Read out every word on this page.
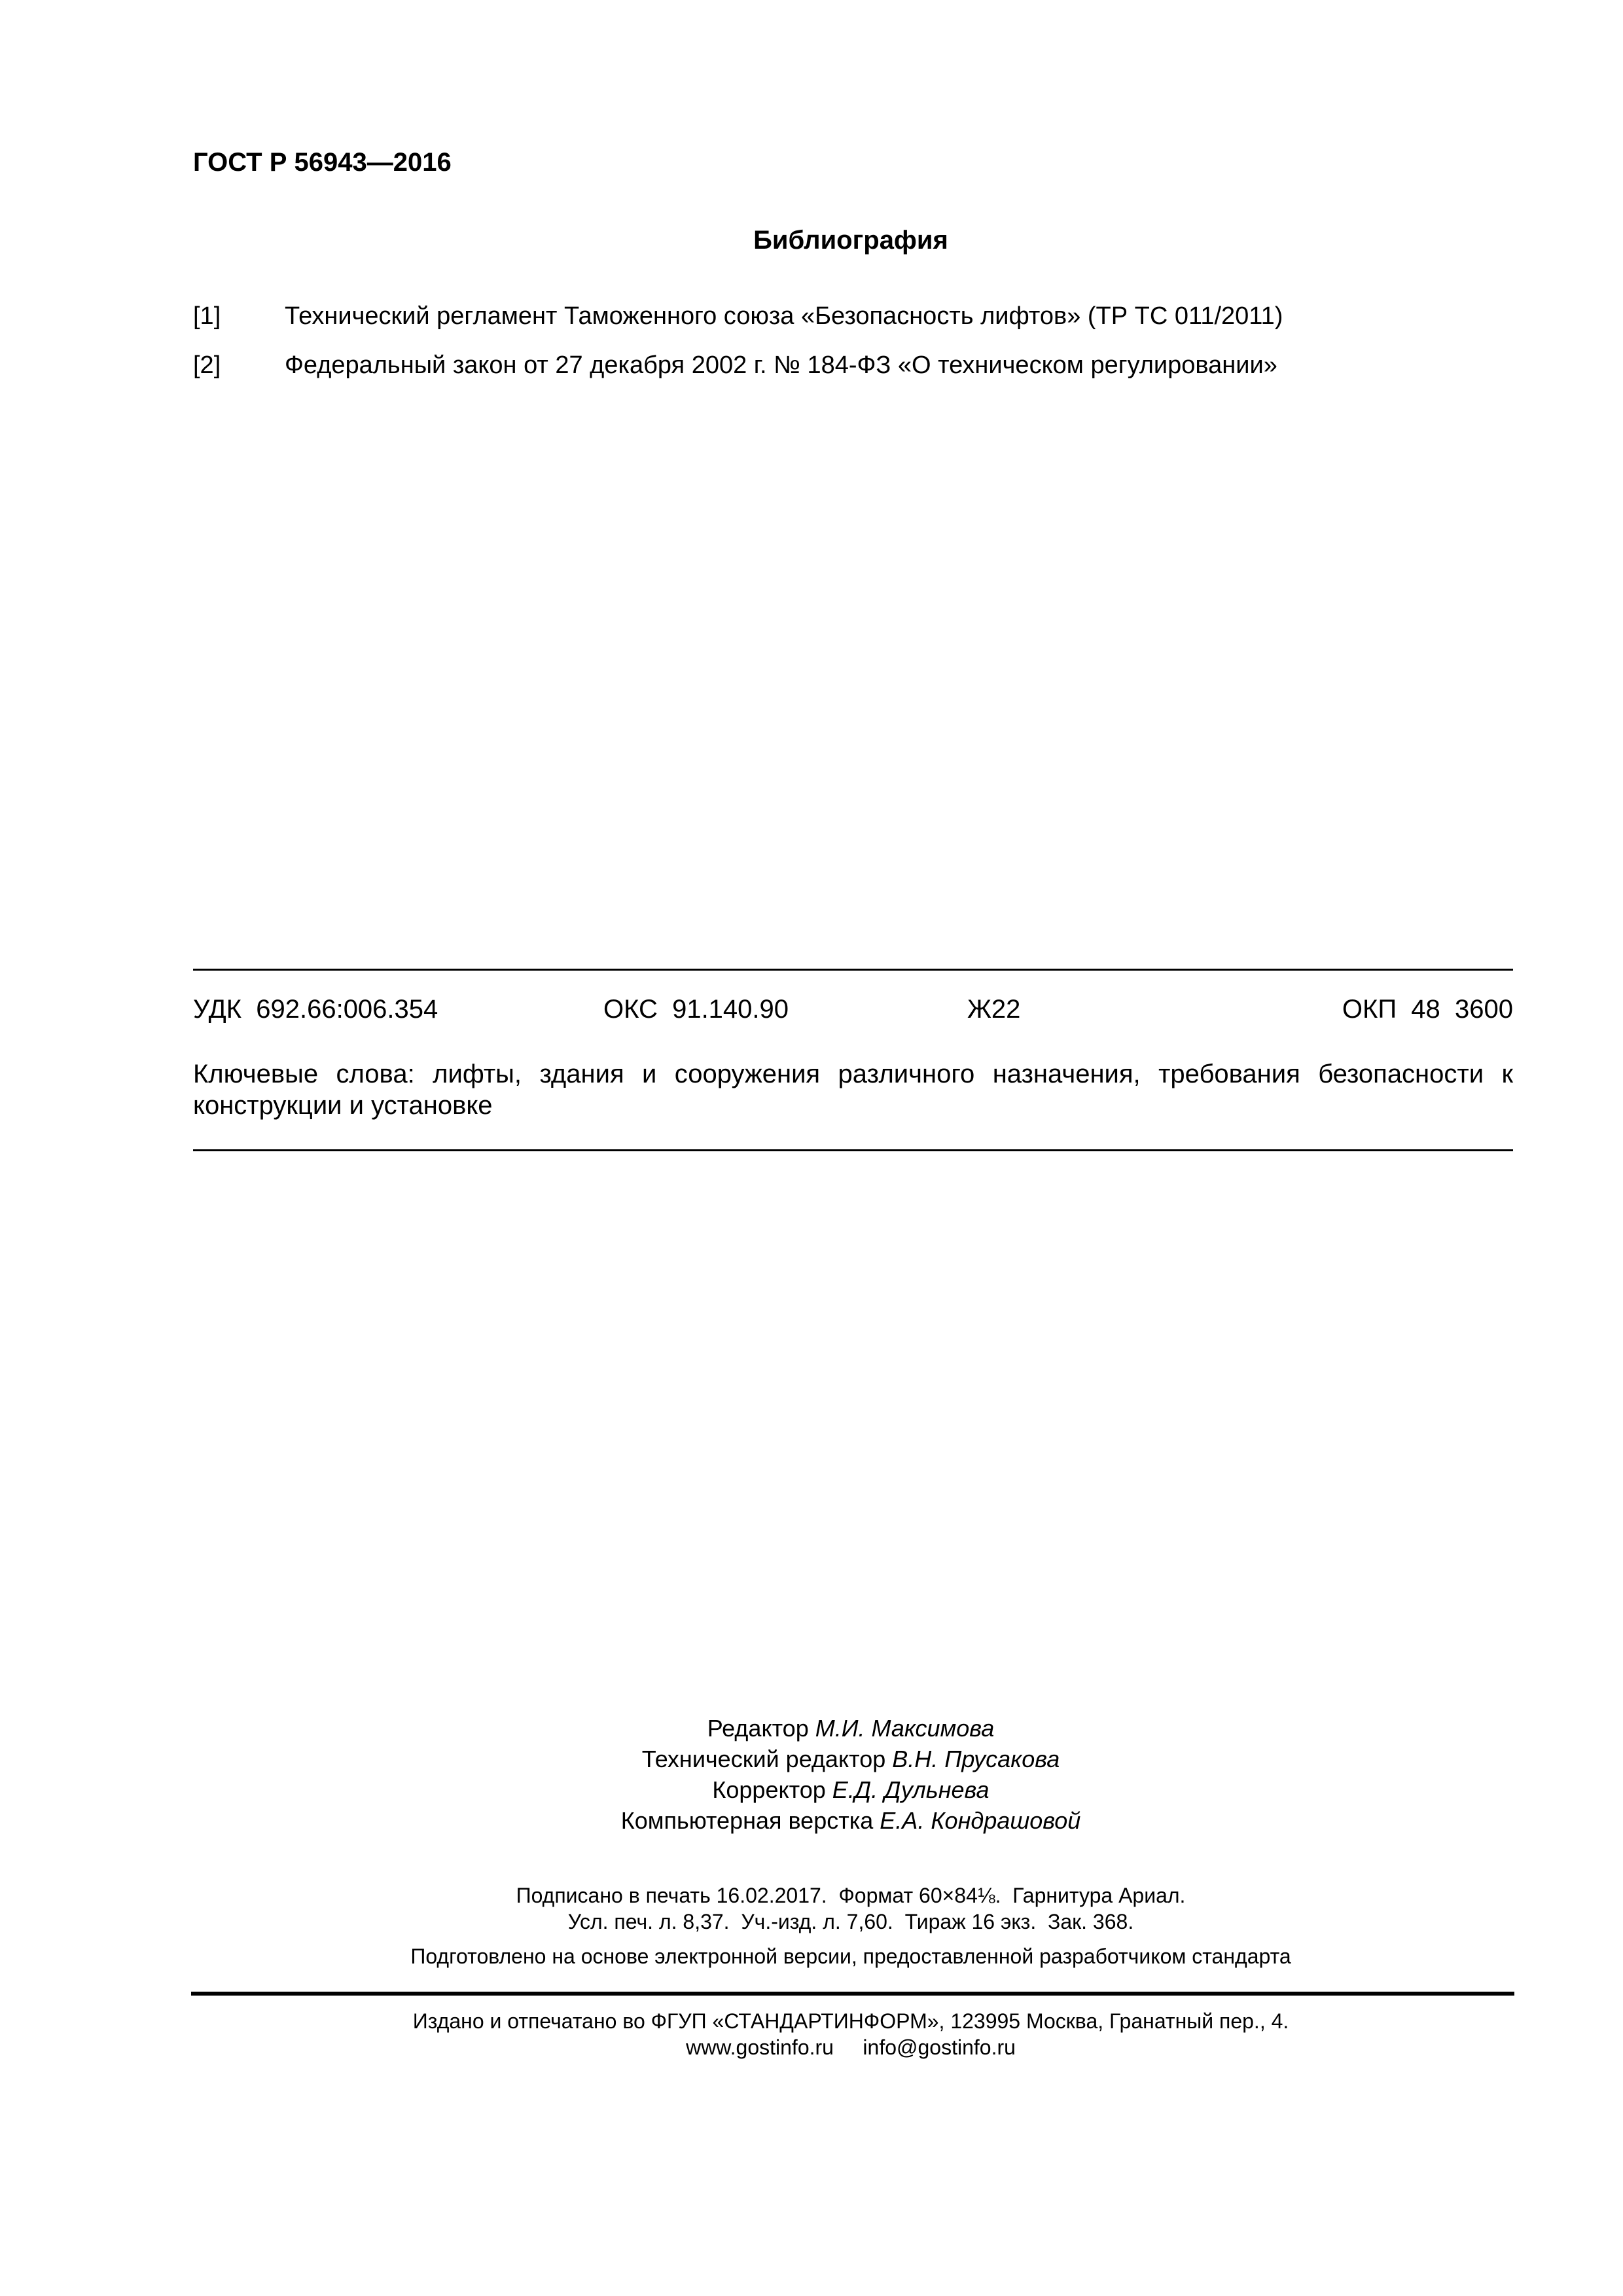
ГОСТ Р 56943—2016
Библиография
[1]	Технический регламент Таможенного союза «Безопасность лифтов» (ТР ТС 011/2011)
[2]	Федеральный закон от 27 декабря 2002 г. № 184-ФЗ «О техническом регулировании»
УДК  692.66:006.354	ОКС  91.140.90	Ж22	ОКП  48  3600
Ключевые слова: лифты, здания и сооружения различного назначения, требования безопасности к конструкции и установке
Редактор М.И. Максимова
Технический редактор В.Н. Прусакова
Корректор Е.Д. Дульнева
Компьютерная верстка Е.А. Кондрашовой
Подписано в печать 16.02.2017.  Формат 60×84⅛.  Гарнитура Ариал.
Усл. печ. л. 8,37.  Уч.-изд. л. 7,60.  Тираж 16 экз.  Зак. 368.
Подготовлено на основе электронной версии, предоставленной разработчиком стандарта
Издано и отпечатано во ФГУП «СТАНДАРТИНФОРМ», 123995 Москва, Гранатный пер., 4.
www.gostinfo.ru     info@gostinfo.ru
